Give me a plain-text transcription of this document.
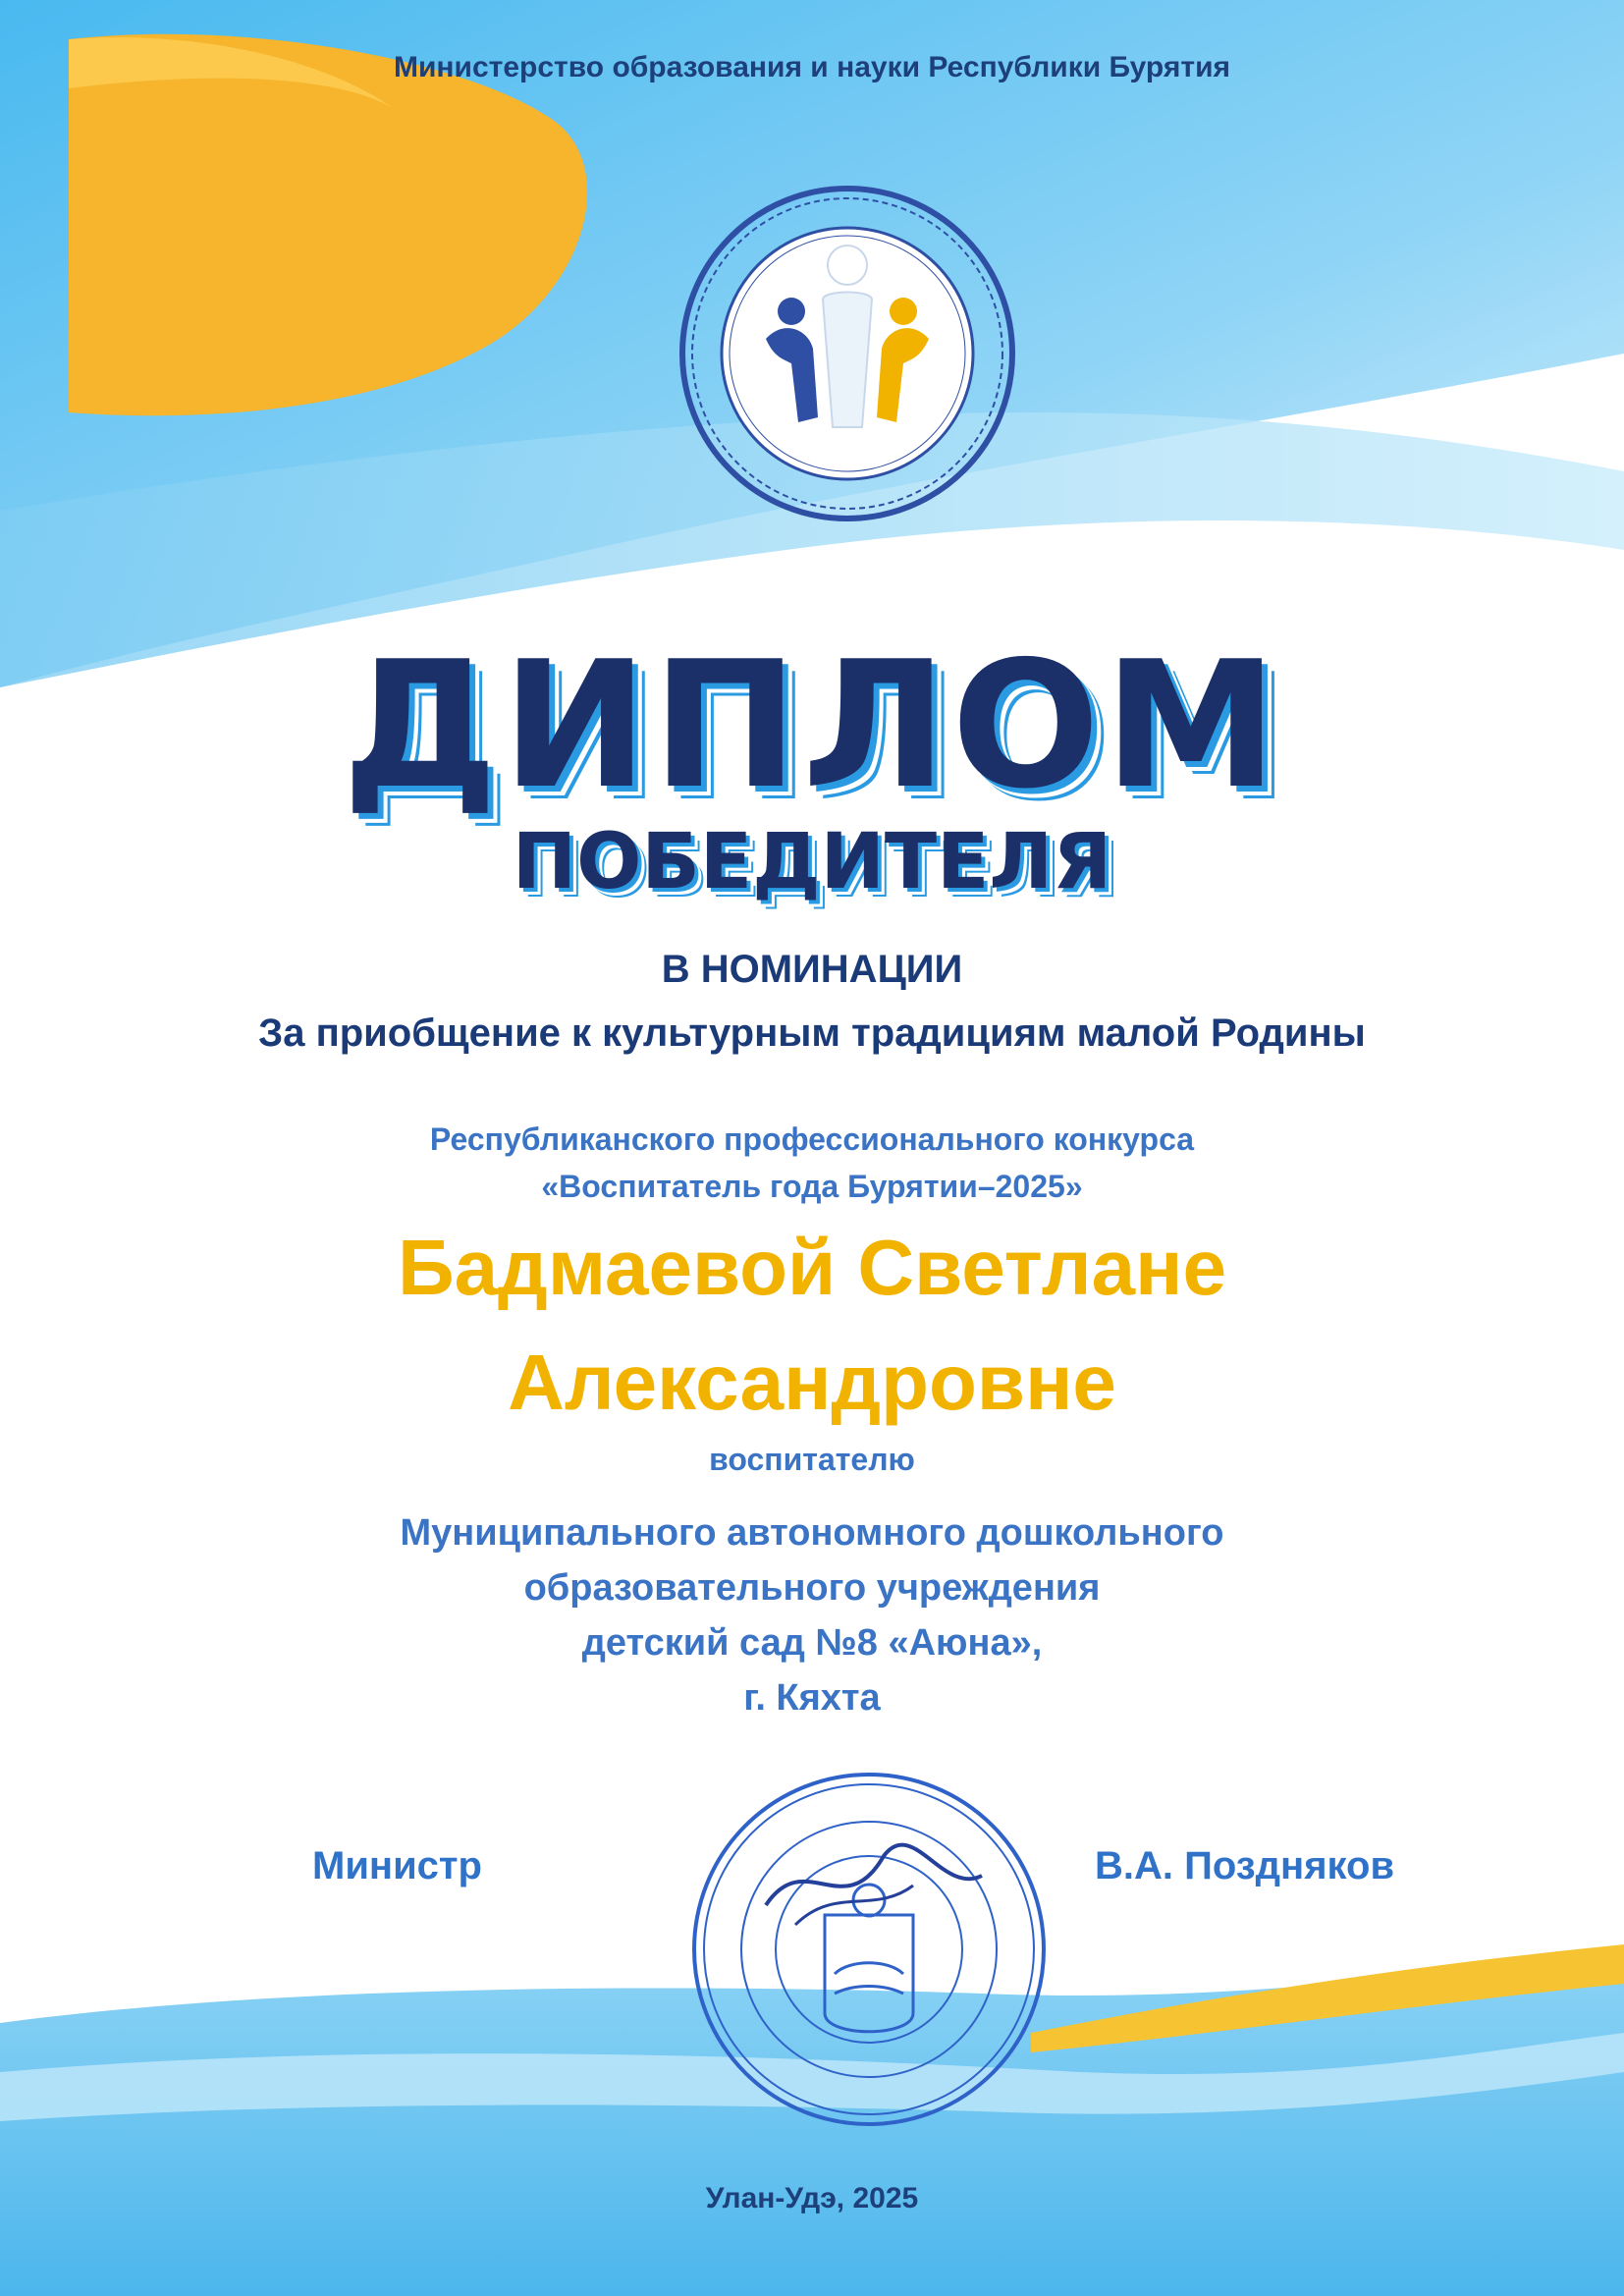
Министерство образования и науки Республики Бурятия
ДИПЛОМ
ПОБЕДИТЕЛЯ
В НОМИНАЦИИ
За приобщение к культурным традициям малой Родины
Республиканского профессионального конкурса
«Воспитатель года Бурятии–2025»
Бадмаевой Светлане
Александровне
воспитателю
Муниципального автономного дошкольного
образовательного учреждения
детский сад №8 «Аюна»,
г. Кяхта
Министр	В.А. Поздняков
Улан-Удэ, 2025
